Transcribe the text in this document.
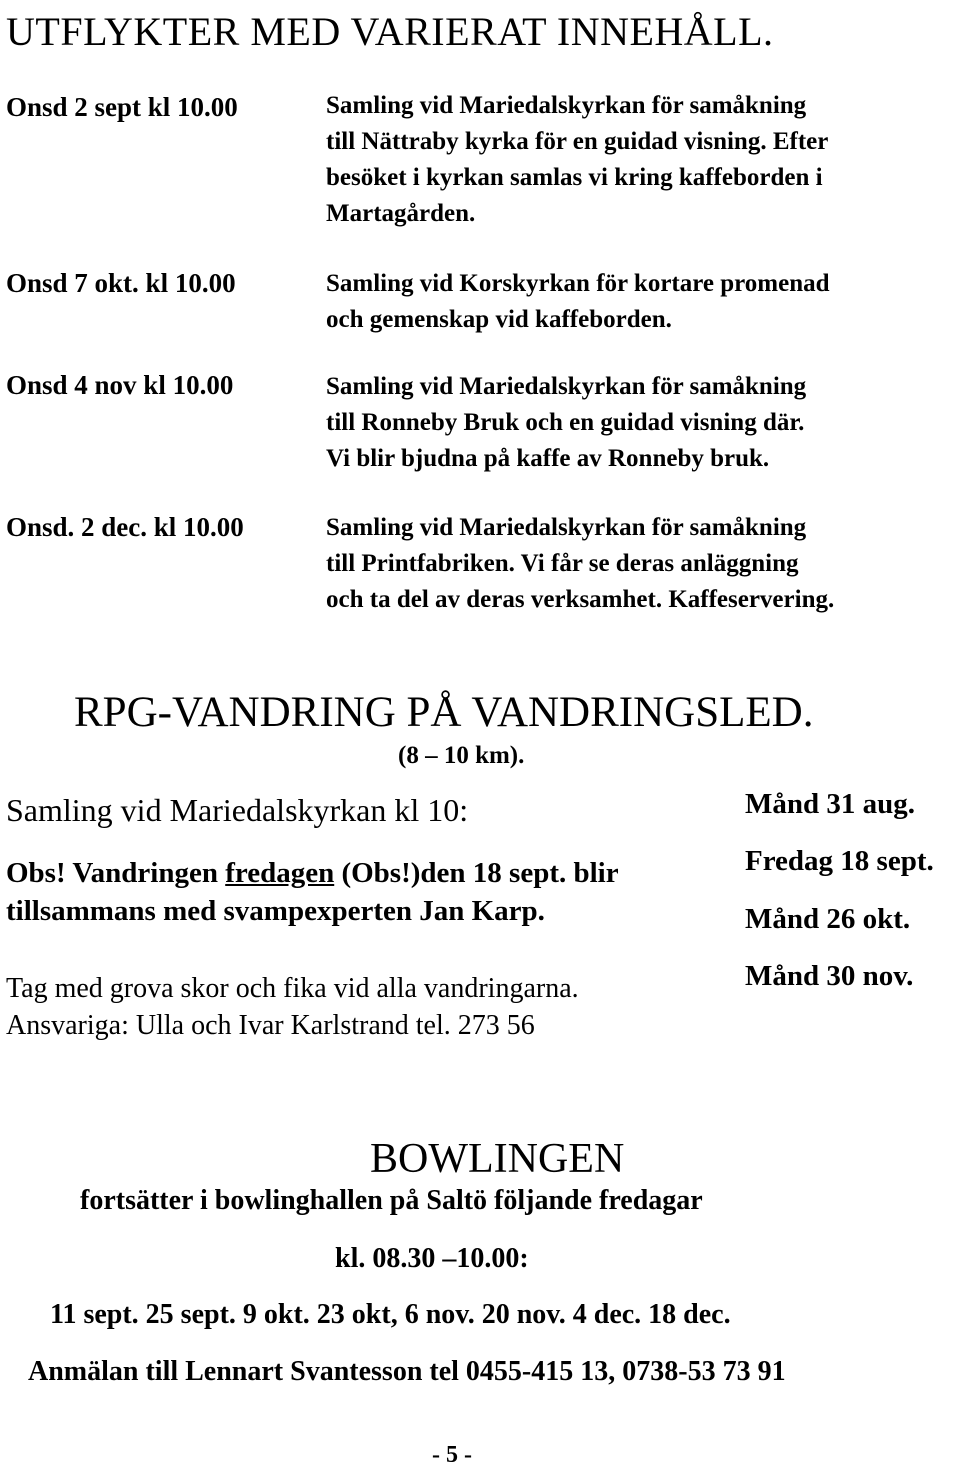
UTFLYKTER MED VARIERAT INNEHÅLL.
Onsd 2 sept kl 10.00	Samling vid Mariedalskyrkan för samåkning
till Nättraby kyrka för en guidad visning. Efter
besöket i kyrkan samlas vi kring kaffeborden i
Martagården.
Onsd 7 okt. kl 10.00	Samling vid Korskyrkan för kortare promenad
och gemenskap vid kaffeborden.
Onsd 4 nov kl 10.00	Samling vid Mariedalskyrkan för samåkning
till Ronneby Bruk och en guidad visning där.
Vi blir bjudna på kaffe av Ronneby bruk.
Onsd. 2 dec. kl 10.00	Samling vid Mariedalskyrkan för samåkning
till Printfabriken. Vi får se deras anläggning
och ta del av deras verksamhet. Kaffeservering.
RPG-VANDRING PÅ VANDRINGSLED.
(8 – 10 km).
Samling vid Mariedalskyrkan kl 10:
Obs! Vandringen fredagen (Obs!)den 18 sept. blir
tillsammans med svampexperten Jan Karp.
Tag med grova skor och fika vid alla vandringarna.
Ansvariga: Ulla och Ivar Karlstrand tel. 273 56
Månd 31 aug.
Fredag 18 sept.
Månd 26 okt.
Månd 30 nov.
BOWLINGEN
fortsätter i bowlinghallen på Saltö följande fredagar
kl. 08.30 –10.00:
11 sept. 25 sept. 9 okt. 23 okt, 6 nov. 20 nov. 4 dec. 18 dec.
Anmälan till Lennart Svantesson tel 0455-415 13, 0738-53 73 91
- 5 -
